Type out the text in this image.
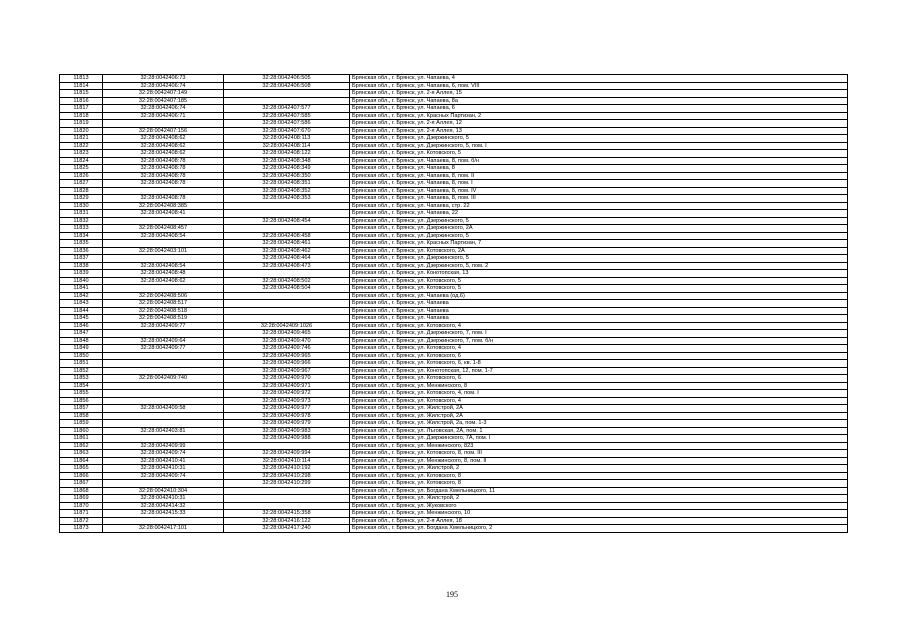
11813	32:28:0042406:73	32:28:0042406:505	Брянская обл., г. Брянск, ул. Чапаева, 4
11814	32:28:0042406:74	32:28:0042406:508	Брянская обл., г. Брянск, ул. Чапаева, 6, пом. VIII
11815	32:28:0042407:149		Брянская обл., г. Брянск, ул. 2-я Аллея, 15
11816	32:28:0042407:185		Брянская обл., г. Брянск, ул. Чапаева, 8а
11817	32:28:0042406:74	32:28:0042407:577	Брянская обл., г. Брянск, ул. Чапаева, 6
11818	32:28:0042406:71	32:28:0042407:585	Брянская обл., г. Брянск, ул. Красных Партизан, 2
11819		32:28:0042407:586	Брянская обл., г. Брянск, ул. 2-я Аллея, 12
11820	32:28:0042407:156	32:28:0042407:670	Брянская обл., г. Брянск, ул. 2-я Аллея, 13
11821	32:28:0042408:62	32:28:0042408:113	Брянская обл., г. Брянск, ул. Дзержинского, 5
11822	32:28:0042408:62	32:28:0042408:114	Брянская обл., г. Брянск, ул. Дзержинского, 5, пом. I
11823	32:28:0042408:62	32:28:0042408:122	Брянская обл., г. Брянск, ул. Котовского, 5
11824	32:28:0042408:78	32:28:0042408:348	Брянская обл., г. Брянск, ул. Чапаева, 8, пом. б/н
11825	32:28:0042408:78	32:28:0042408:349	Брянская обл., г. Брянск, ул. Чапаева, 8
11826	32:28:0042408:78	32:28:0042408:350	Брянская обл., г. Брянск, ул. Чапаева, 8, пом. II
11827	32:28:0042408:78	32:28:0042408:351	Брянская обл., г. Брянск, ул. Чапаева, 8, пом. I
11828		32:28:0042408:352	Брянская обл., г. Брянск, ул. Чапаева, 8, пом. IV
11829	32:28:0042408:78	32:28:0042408:353	Брянская обл., г. Брянск, ул. Чапаева, 8, пом. III
11830	32:28:0042408:385		Брянская обл., г. Брянск, ул. Чапаева, стр. 22
11831	32:28:0042408:41		Брянская обл., г. Брянск, ул. Чапаева, 22
11832		32:28:0042408:454	Брянская обл., г. Брянск, ул. Дзержинского, 5
11833	32:28:0042408:457		Брянская обл., г. Брянск, ул. Дзержинского, 2А
11834	32:28:0042408:54	32:28:0042408:458	Брянская обл., г. Брянск, ул. Дзержинского, 5
11835		32:28:0042408:461	Брянская обл., г. Брянск, ул. Красных Партизан, 7
11836	32:28:0042403:101	32:28:0042408:462	Брянская обл., г. Брянск, ул. Котовского, 2А
11837		32:28:0042408:464	Брянская обл., г. Брянск, ул. Дзержинского, 5
11838	32:28:0042408:54	32:28:0042408:473	Брянская обл., г. Брянск, ул. Дзержинского, 5, пом. 2
11839	32:28:0042408:48		Брянская обл., г. Брянск, ул. Конотопская, 13
11840	32:28:0042408:62	32:28:0042408:502	Брянская обл., г. Брянск, ул. Котовского, 5
11841		32:28:0042408:504	Брянская обл., г. Брянск, ул. Котовского, 5
11842	32:28:0042408:506		Брянская обл., г. Брянск, ул. Чапаева (од.6)
11843	32:28:0042408:517		Брянская обл., г. Брянск, ул. Чапаева
11844	32:28:0042408:518		Брянская обл., г. Брянск, ул. Чапаева
11845	32:28:0042408:519		Брянская обл., г. Брянск, ул. Чапаева
11846	32:28:0042409:77	32:28:0042409:1026	Брянская обл., г. Брянск, ул. Котовского, 4
11847		32:28:0042409:465	Брянская обл., г. Брянск, ул. Дзержинского, 7, пом. I
11848	32:28:0042409:64	32:28:0042409:470	Брянская обл., г. Брянск, ул. Дзержинского, 7, пом. б/н
11849	32:28:0042409:77	32:28:0042409:746	Брянская обл., г. Брянск, ул. Котовского, 4
11850		32:28:0042409:965	Брянская обл., г. Брянск, ул. Котовского, 6
11851		32:28:0042409:966	Брянская обл., г. Брянск, ул. Котовского, 6, кв. 1-8
11852		32:28:0042409:967	Брянская обл., г. Брянск, ул. Конотопская, 12, пом. 1-7
11853	32:28:0042409:740	32:28:0042409:970	Брянская обл., г. Брянск, ул. Котовского, 6
11854		32:28:0042409:971	Брянская обл., г. Брянск, ул. Менжинского, 8
11855		32:28:0042409:972	Брянская обл., г. Брянск, ул. Котовского, 4, пом. I
11856		32:28:0042409:973	Брянская обл., г. Брянск, ул. Котовского, 4
11857	32:28:0042409:58	32:28:0042409:977	Брянская обл., г. Брянск, ул. Жилстрой, 2А
11858		32:28:0042409:978	Брянская обл., г. Брянск, ул. Жилстрой, 2А
11859		32:28:0042409:979	Брянская обл., г. Брянск, ул. Жилстрой, 2а, пом. 1-3
11860	32:28:0042403:81	32:28:0042409:983	Брянская обл., г. Брянск, ул. Лъговская, 2А, пом. 1
11861		32:28:0042409:988	Брянская обл., г. Брянск, ул. Дзержинского, 7А, пом. I
11862	32:28:0042409:99		Брянская обл., г. Брянск, ул. Менжинского, 823
11863	32:28:0042409:74	32:28:0042409:994	Брянская обл., г. Брянск, ул. Котовского, 8, пом. III
11864	32:28:0042410:41	32:28:0042410:114	Брянская обл., г. Брянск, ул. Менжинского, 8, пом. II
11865	32:28:0042410:31	32:28:0042410:192	Брянская обл., г. Брянск, ул. Жилстрой, 2
11866	32:28:0042409:74	32:28:0042410:298	Брянская обл., г. Брянск, ул. Котовского, 8
11867		32:28:0042410:299	Брянская обл., г. Брянск, ул. Котовского, 8
11868	32:28:0042410:304		Брянская обл., г. Брянск, ул. Богдана Хмельницкого, 11
11869	32:28:0042410:31		Брянская обл., г. Брянск, ул. Жилстрой, 2
11870	32:28:0042414:32		Брянская обл., г. Брянск, ул. Жуковского
11871	32:28:0042415:33	32:28:0042415:358	Брянская обл., г. Брянск, ул. Менжинского, 10
11872		32:28:0042416:122	Брянская обл., г. Брянск, ул. 2-я Аллея, 18
11873	32:28:0042417:101	32:28:0042417:240	Брянская обл., г. Брянск, ул. Богдана Хмельницкого, 2
195
